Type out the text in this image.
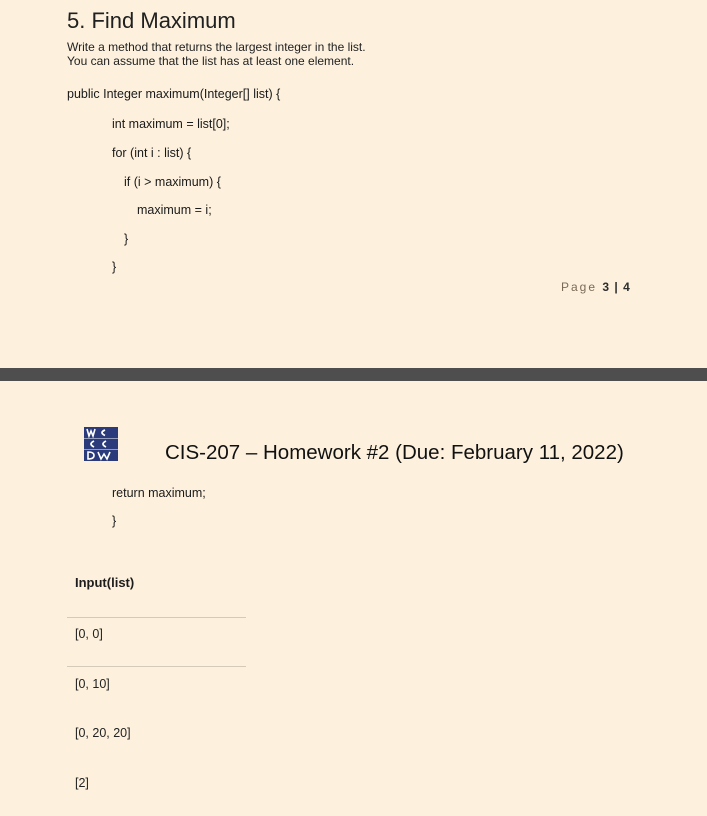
5. Find Maximum
Write a method that returns the largest integer in the list.
You can assume that the list has at least one element.
public Integer maximum(Integer[] list) {
int maximum = list[0];
for (int i : list) {
if (i > maximum) {
maximum = i;
}
}
Page 3 | 4
CIS-207 – Homework #2 (Due: February 11, 2022)
return maximum;
}
Input(list)
[0, 0]
[0, 10]
[0, 20, 20]
[2]
